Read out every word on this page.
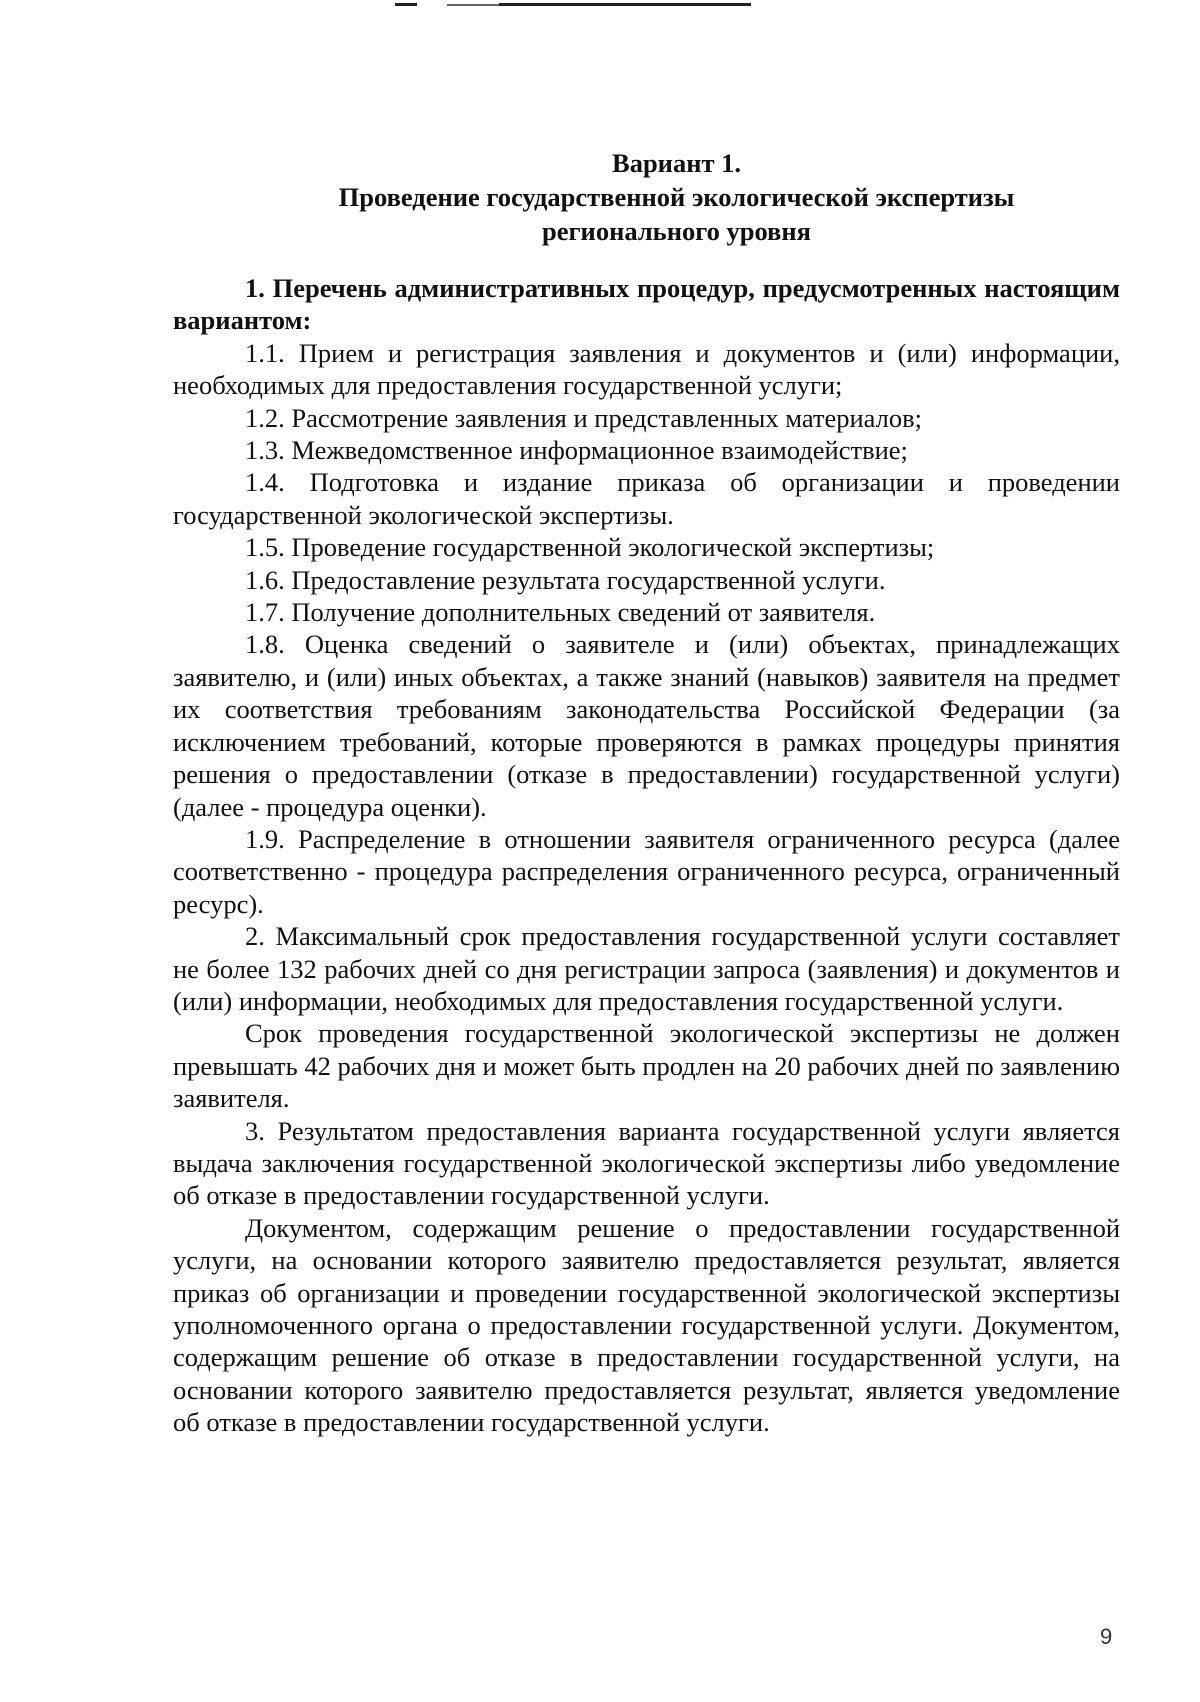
Вариант 1.
Проведение государственной экологической экспертизы
регионального уровня

1. Перечень административных процедур, предусмотренных настоящим вариантом:

1.1. Прием и регистрация заявления и документов и (или) информации, необходимых для предоставления государственной услуги;

1.2. Рассмотрение заявления и представленных материалов;

1.3. Межведомственное информационное взаимодействие;

1.4. Подготовка и издание приказа об организации и проведении государственной экологической экспертизы.

1.5. Проведение государственной экологической экспертизы;

1.6. Предоставление результата государственной услуги.

1.7. Получение дополнительных сведений от заявителя.

1.8. Оценка сведений о заявителе и (или) объектах, принадлежащих заявителю, и (или) иных объектах, а также знаний (навыков) заявителя на предмет их соответствия требованиям законодательства Российской Федерации (за исключением требований, которые проверяются в рамках процедуры принятия решения о предоставлении (отказе в предоставлении) государственной услуги) (далее - процедура оценки).

1.9. Распределение в отношении заявителя ограниченного ресурса (далее соответственно - процедура распределения ограниченного ресурса, ограниченный ресурс).

2. Максимальный срок предоставления государственной услуги составляет не более 132 рабочих дней со дня регистрации запроса (заявления) и документов и (или) информации, необходимых для предоставления государственной услуги.

Срок проведения государственной экологической экспертизы не должен превышать 42 рабочих дня и может быть продлен на 20 рабочих дней по заявлению заявителя.

3. Результатом предоставления варианта государственной услуги является выдача заключения государственной экологической экспертизы либо уведомление об отказе в предоставлении государственной услуги.

Документом, содержащим решение о предоставлении государственной услуги, на основании которого заявителю предоставляется результат, является приказ об организации и проведении государственной экологической экспертизы уполномоченного органа о предоставлении государственной услуги. Документом, содержащим решение об отказе в предоставлении государственной услуги, на основании которого заявителю предоставляется результат, является уведомление об отказе в предоставлении государственной услуги.

9
